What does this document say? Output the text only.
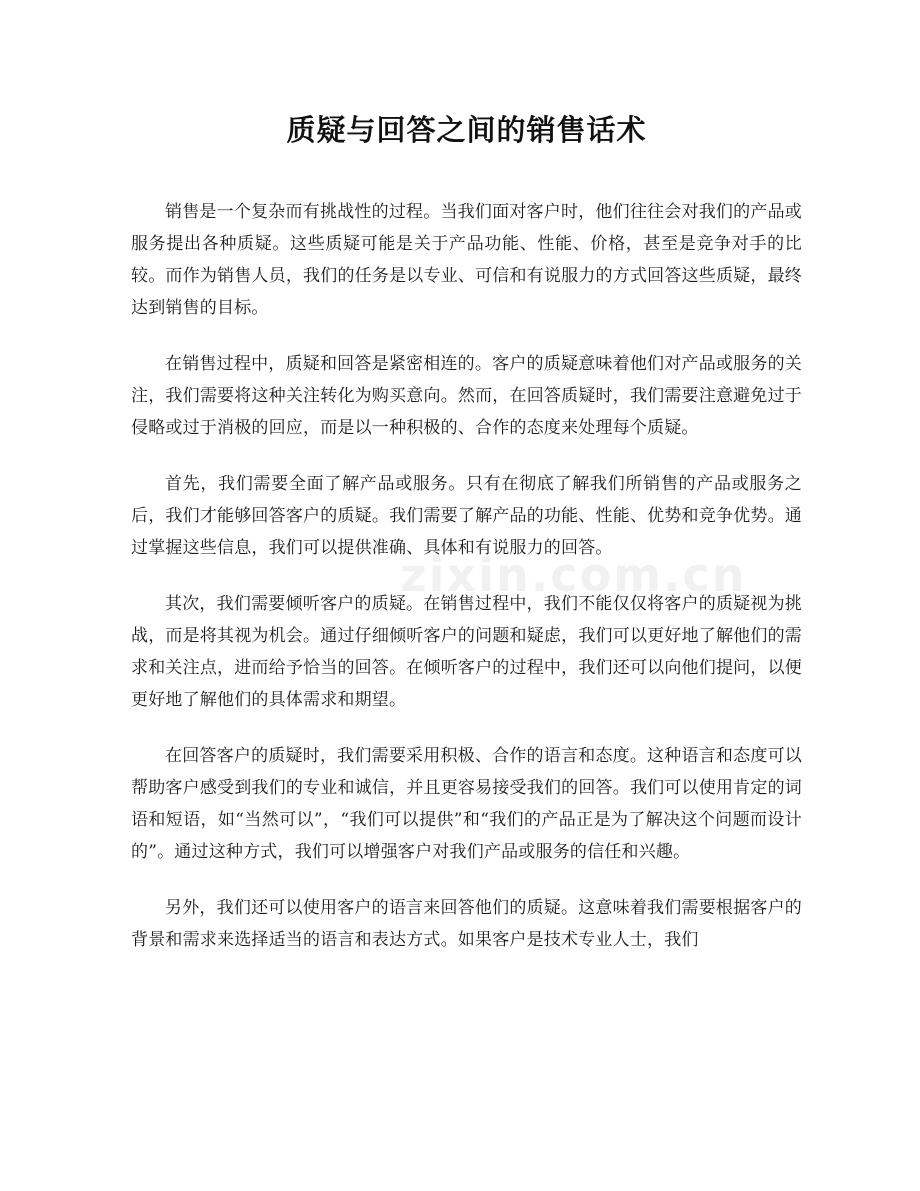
质疑与回答之间的销售话术

销售是一个复杂而有挑战性的过程。当我们面对客户时，他们往往会对我们的产品或服务提出各种质疑。这些质疑可能是关于产品功能、性能、价格，甚至是竞争对手的比较。而作为销售人员，我们的任务是以专业、可信和有说服力的方式回答这些质疑，最终达到销售的目标。

在销售过程中，质疑和回答是紧密相连的。客户的质疑意味着他们对产品或服务的关注，我们需要将这种关注转化为购买意向。然而，在回答质疑时，我们需要注意避免过于侵略或过于消极的回应，而是以一种积极的、合作的态度来处理每个质疑。

首先，我们需要全面了解产品或服务。只有在彻底了解我们所销售的产品或服务之后，我们才能够回答客户的质疑。我们需要了解产品的功能、性能、优势和竞争优势。通过掌握这些信息，我们可以提供准确、具体和有说服力的回答。

其次，我们需要倾听客户的质疑。在销售过程中，我们不能仅仅将客户的质疑视为挑战，而是将其视为机会。通过仔细倾听客户的问题和疑虑，我们可以更好地了解他们的需求和关注点，进而给予恰当的回答。在倾听客户的过程中，我们还可以向他们提问，以便更好地了解他们的具体需求和期望。

在回答客户的质疑时，我们需要采用积极、合作的语言和态度。这种语言和态度可以帮助客户感受到我们的专业和诚信，并且更容易接受我们的回答。我们可以使用肯定的词语和短语，如“当然可以”，“我们可以提供”和“我们的产品正是为了解决这个问题而设计的”。通过这种方式，我们可以增强客户对我们产品或服务的信任和兴趣。

另外，我们还可以使用客户的语言来回答他们的质疑。这意味着我们需要根据客户的背景和需求来选择适当的语言和表达方式。如果客户是技术专业人士，我们

zixin.com.cn
